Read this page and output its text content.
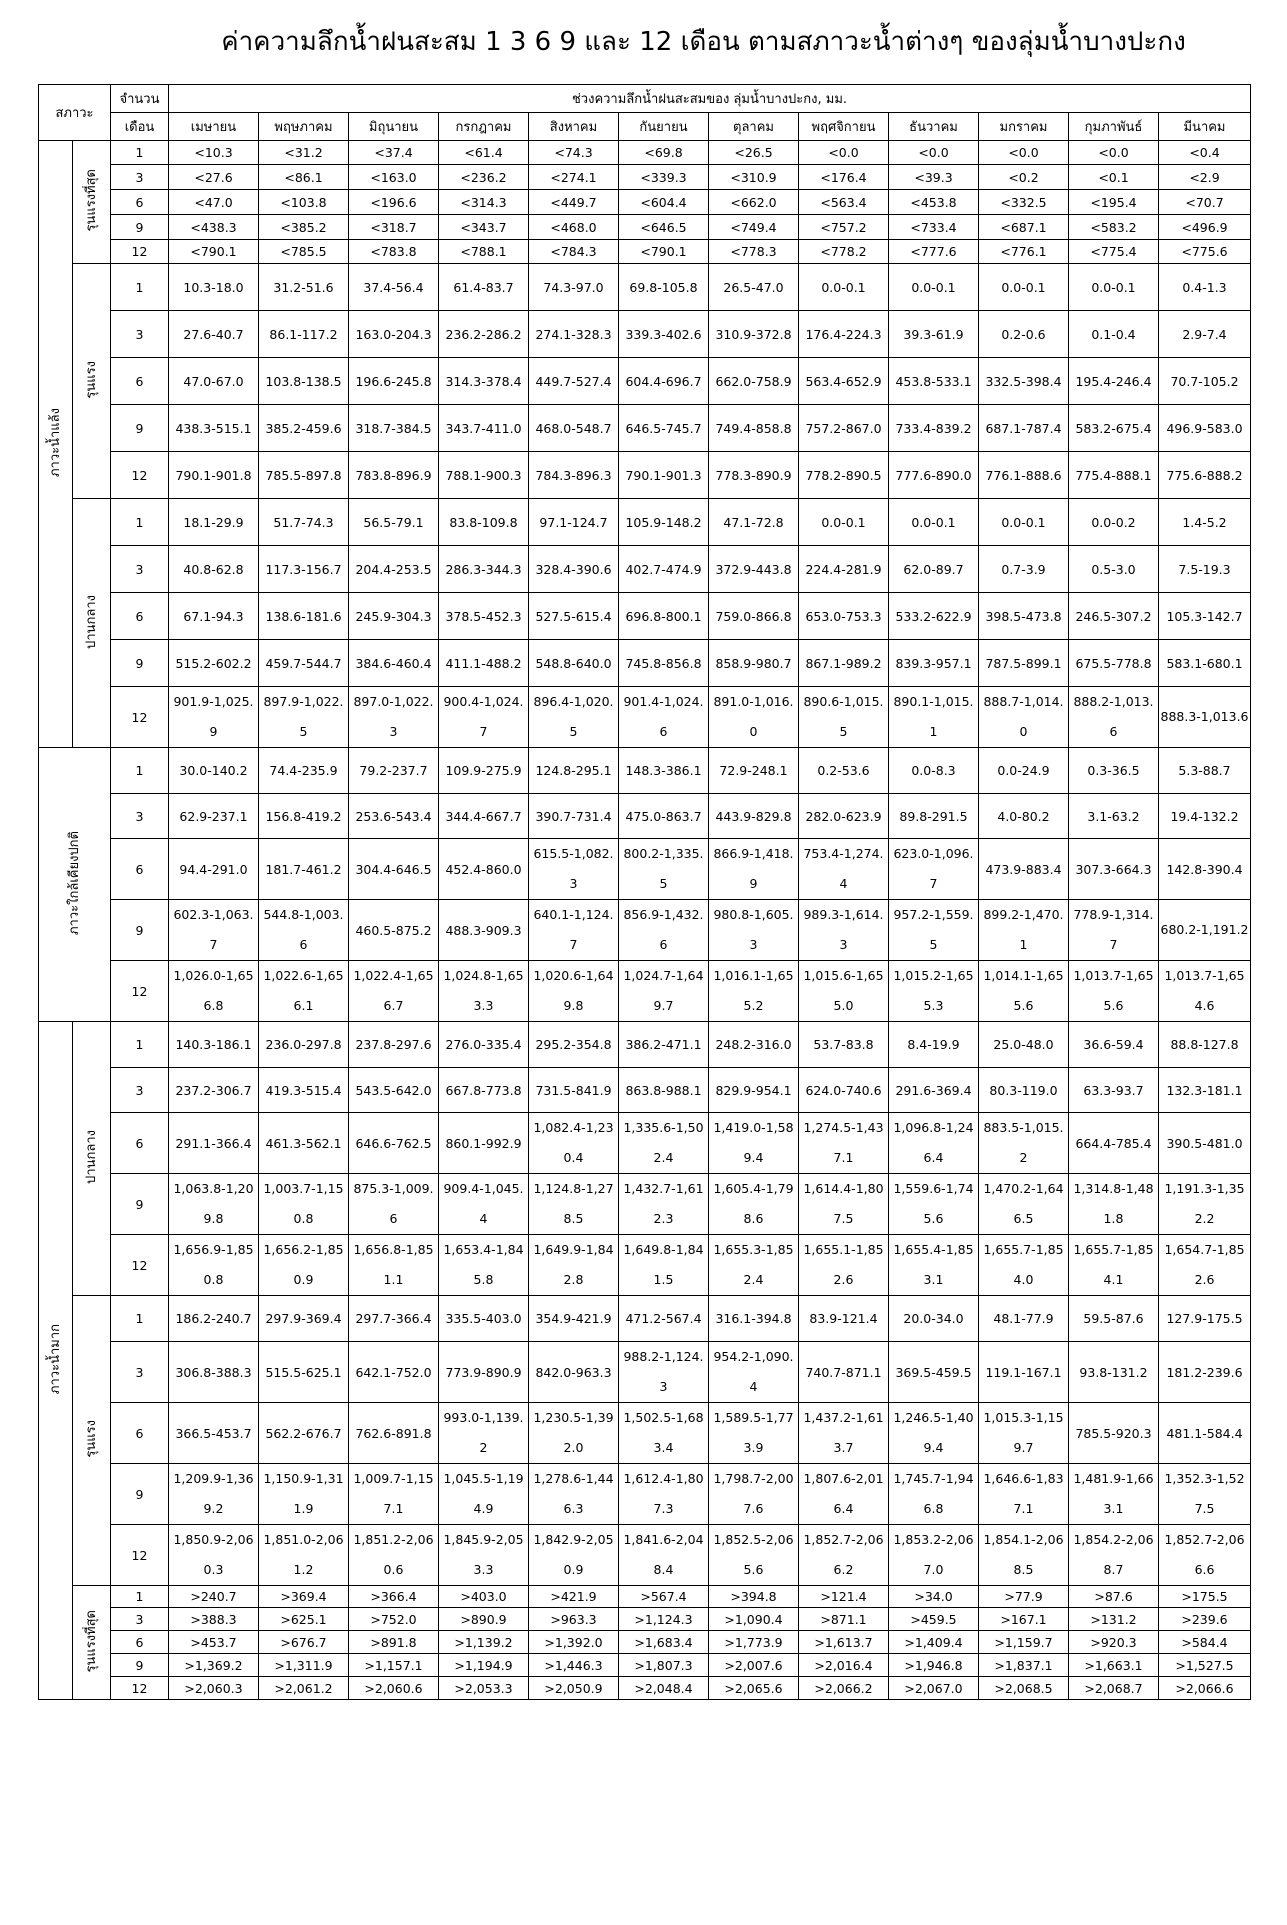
ค่าความลึกน้ำฝนสะสม 1 3 6 9 และ 12 เดือน ตามสภาวะน้ำต่างๆ ของลุ่มน้ำบางปะกง
สภาวะ		จำนวน	ช่วงความลึกน้ำฝนสะสมของ ลุ่มน้ำบางปะกง, มม.											
		เดือน	เมษายน	พฤษภาคม	มิถุนายน	กรกฎาคม	สิงหาคม	กันยายน	ตุลาคม	พฤศจิกายน	ธันวาคม	มกราคม	กุมภาพันธ์	มีนาคม
ภาวะน้ำแล้ง	รุนแรงที่สุด	1	<10.3	<31.2	<37.4	<61.4	<74.3	<69.8	<26.5	<0.0	<0.0	<0.0	<0.0	<0.4
		3	<27.6	<86.1	<163.0	<236.2	<274.1	<339.3	<310.9	<176.4	<39.3	<0.2	<0.1	<2.9
		6	<47.0	<103.8	<196.6	<314.3	<449.7	<604.4	<662.0	<563.4	<453.8	<332.5	<195.4	<70.7
		9	<438.3	<385.2	<318.7	<343.7	<468.0	<646.5	<749.4	<757.2	<733.4	<687.1	<583.2	<496.9
		12	<790.1	<785.5	<783.8	<788.1	<784.3	<790.1	<778.3	<778.2	<777.6	<776.1	<775.4	<775.6
	รุนแรง	1	10.3-18.0	31.2-51.6	37.4-56.4	61.4-83.7	74.3-97.0	69.8-105.8	26.5-47.0	0.0-0.1	0.0-0.1	0.0-0.1	0.0-0.1	0.4-1.3
		3	27.6-40.7	86.1-117.2	163.0-204.3	236.2-286.2	274.1-328.3	339.3-402.6	310.9-372.8	176.4-224.3	39.3-61.9	0.2-0.6	0.1-0.4	2.9-7.4
		6	47.0-67.0	103.8-138.5	196.6-245.8	314.3-378.4	449.7-527.4	604.4-696.7	662.0-758.9	563.4-652.9	453.8-533.1	332.5-398.4	195.4-246.4	70.7-105.2
		9	438.3-515.1	385.2-459.6	318.7-384.5	343.7-411.0	468.0-548.7	646.5-745.7	749.4-858.8	757.2-867.0	733.4-839.2	687.1-787.4	583.2-675.4	496.9-583.0
		12	790.1-901.8	785.5-897.8	783.8-896.9	788.1-900.3	784.3-896.3	790.1-901.3	778.3-890.9	778.2-890.5	777.6-890.0	776.1-888.6	775.4-888.1	775.6-888.2
	ปานกลาง	1	18.1-29.9	51.7-74.3	56.5-79.1	83.8-109.8	97.1-124.7	105.9-148.2	47.1-72.8	0.0-0.1	0.0-0.1	0.0-0.1	0.0-0.2	1.4-5.2
		3	40.8-62.8	117.3-156.7	204.4-253.5	286.3-344.3	328.4-390.6	402.7-474.9	372.9-443.8	224.4-281.9	62.0-89.7	0.7-3.9	0.5-3.0	7.5-19.3
		6	67.1-94.3	138.6-181.6	245.9-304.3	378.5-452.3	527.5-615.4	696.8-800.1	759.0-866.8	653.0-753.3	533.2-622.9	398.5-473.8	246.5-307.2	105.3-142.7
		9	515.2-602.2	459.7-544.7	384.6-460.4	411.1-488.2	548.8-640.0	745.8-856.8	858.9-980.7	867.1-989.2	839.3-957.1	787.5-899.1	675.5-778.8	583.1-680.1
		12	901.9-1,025.9	897.9-1,022.5	897.0-1,022.3	900.4-1,024.7	896.4-1,020.5	901.4-1,024.6	891.0-1,016.0	890.6-1,015.5	890.1-1,015.1	888.7-1,014.0	888.2-1,013.6	888.3-1,013.6
ภาวะใกล้เคียงปกติ		1	30.0-140.2	74.4-235.9	79.2-237.7	109.9-275.9	124.8-295.1	148.3-386.1	72.9-248.1	0.2-53.6	0.0-8.3	0.0-24.9	0.3-36.5	5.3-88.7
		3	62.9-237.1	156.8-419.2	253.6-543.4	344.4-667.7	390.7-731.4	475.0-863.7	443.9-829.8	282.0-623.9	89.8-291.5	4.0-80.2	3.1-63.2	19.4-132.2
		6	94.4-291.0	181.7-461.2	304.4-646.5	452.4-860.0	615.5-1,082.3	800.2-1,335.5	866.9-1,418.9	753.4-1,274.4	623.0-1,096.7	473.9-883.4	307.3-664.3	142.8-390.4
		9	602.3-1,063.7	544.8-1,003.6	460.5-875.2	488.3-909.3	640.1-1,124.7	856.9-1,432.6	980.8-1,605.3	989.3-1,614.3	957.2-1,559.5	899.2-1,470.1	778.9-1,314.7	680.2-1,191.2
		12	1,026.0-1,656.8	1,022.6-1,656.1	1,022.4-1,656.7	1,024.8-1,653.3	1,020.6-1,649.8	1,024.7-1,649.7	1,016.1-1,655.2	1,015.6-1,655.0	1,015.2-1,655.3	1,014.1-1,655.6	1,013.7-1,655.6	1,013.7-1,654.6
ภาวะน้ำมาก	ปานกลาง	1	140.3-186.1	236.0-297.8	237.8-297.6	276.0-335.4	295.2-354.8	386.2-471.1	248.2-316.0	53.7-83.8	8.4-19.9	25.0-48.0	36.6-59.4	88.8-127.8
		3	237.2-306.7	419.3-515.4	543.5-642.0	667.8-773.8	731.5-841.9	863.8-988.1	829.9-954.1	624.0-740.6	291.6-369.4	80.3-119.0	63.3-93.7	132.3-181.1
		6	291.1-366.4	461.3-562.1	646.6-762.5	860.1-992.9	1,082.4-1,230.4	1,335.6-1,502.4	1,419.0-1,589.4	1,274.5-1,437.1	1,096.8-1,246.4	883.5-1,015.2	664.4-785.4	390.5-481.0
		9	1,063.8-1,209.8	1,003.7-1,150.8	875.3-1,009.6	909.4-1,045.4	1,124.8-1,278.5	1,432.7-1,612.3	1,605.4-1,798.6	1,614.4-1,807.5	1,559.6-1,745.6	1,470.2-1,646.5	1,314.8-1,481.8	1,191.3-1,352.2
		12	1,656.9-1,850.8	1,656.2-1,850.9	1,656.8-1,851.1	1,653.4-1,845.8	1,649.9-1,842.8	1,649.8-1,841.5	1,655.3-1,852.4	1,655.1-1,852.6	1,655.4-1,853.1	1,655.7-1,854.0	1,655.7-1,854.1	1,654.7-1,852.6
	รุนแรง	1	186.2-240.7	297.9-369.4	297.7-366.4	335.5-403.0	354.9-421.9	471.2-567.4	316.1-394.8	83.9-121.4	20.0-34.0	48.1-77.9	59.5-87.6	127.9-175.5
		3	306.8-388.3	515.5-625.1	642.1-752.0	773.9-890.9	842.0-963.3	988.2-1,124.3	954.2-1,090.4	740.7-871.1	369.5-459.5	119.1-167.1	93.8-131.2	181.2-239.6
		6	366.5-453.7	562.2-676.7	762.6-891.8	993.0-1,139.2	1,230.5-1,392.0	1,502.5-1,683.4	1,589.5-1,773.9	1,437.2-1,613.7	1,246.5-1,409.4	1,015.3-1,159.7	785.5-920.3	481.1-584.4
		9	1,209.9-1,369.2	1,150.9-1,311.9	1,009.7-1,157.1	1,045.5-1,194.9	1,278.6-1,446.3	1,612.4-1,807.3	1,798.7-2,007.6	1,807.6-2,016.4	1,745.7-1,946.8	1,646.6-1,837.1	1,481.9-1,663.1	1,352.3-1,527.5
		12	1,850.9-2,060.3	1,851.0-2,061.2	1,851.2-2,060.6	1,845.9-2,053.3	1,842.9-2,050.9	1,841.6-2,048.4	1,852.5-2,065.6	1,852.7-2,066.2	1,853.2-2,067.0	1,854.1-2,068.5	1,854.2-2,068.7	1,852.7-2,066.6
	รุนแรงที่สุด	1	>240.7	>369.4	>366.4	>403.0	>421.9	>567.4	>394.8	>121.4	>34.0	>77.9	>87.6	>175.5
		3	>388.3	>625.1	>752.0	>890.9	>963.3	>1,124.3	>1,090.4	>871.1	>459.5	>167.1	>131.2	>239.6
		6	>453.7	>676.7	>891.8	>1,139.2	>1,392.0	>1,683.4	>1,773.9	>1,613.7	>1,409.4	>1,159.7	>920.3	>584.4
		9	>1,369.2	>1,311.9	>1,157.1	>1,194.9	>1,446.3	>1,807.3	>2,007.6	>2,016.4	>1,946.8	>1,837.1	>1,663.1	>1,527.5
		12	>2,060.3	>2,061.2	>2,060.6	>2,053.3	>2,050.9	>2,048.4	>2,065.6	>2,066.2	>2,067.0	>2,068.5	>2,068.7	>2,066.6
